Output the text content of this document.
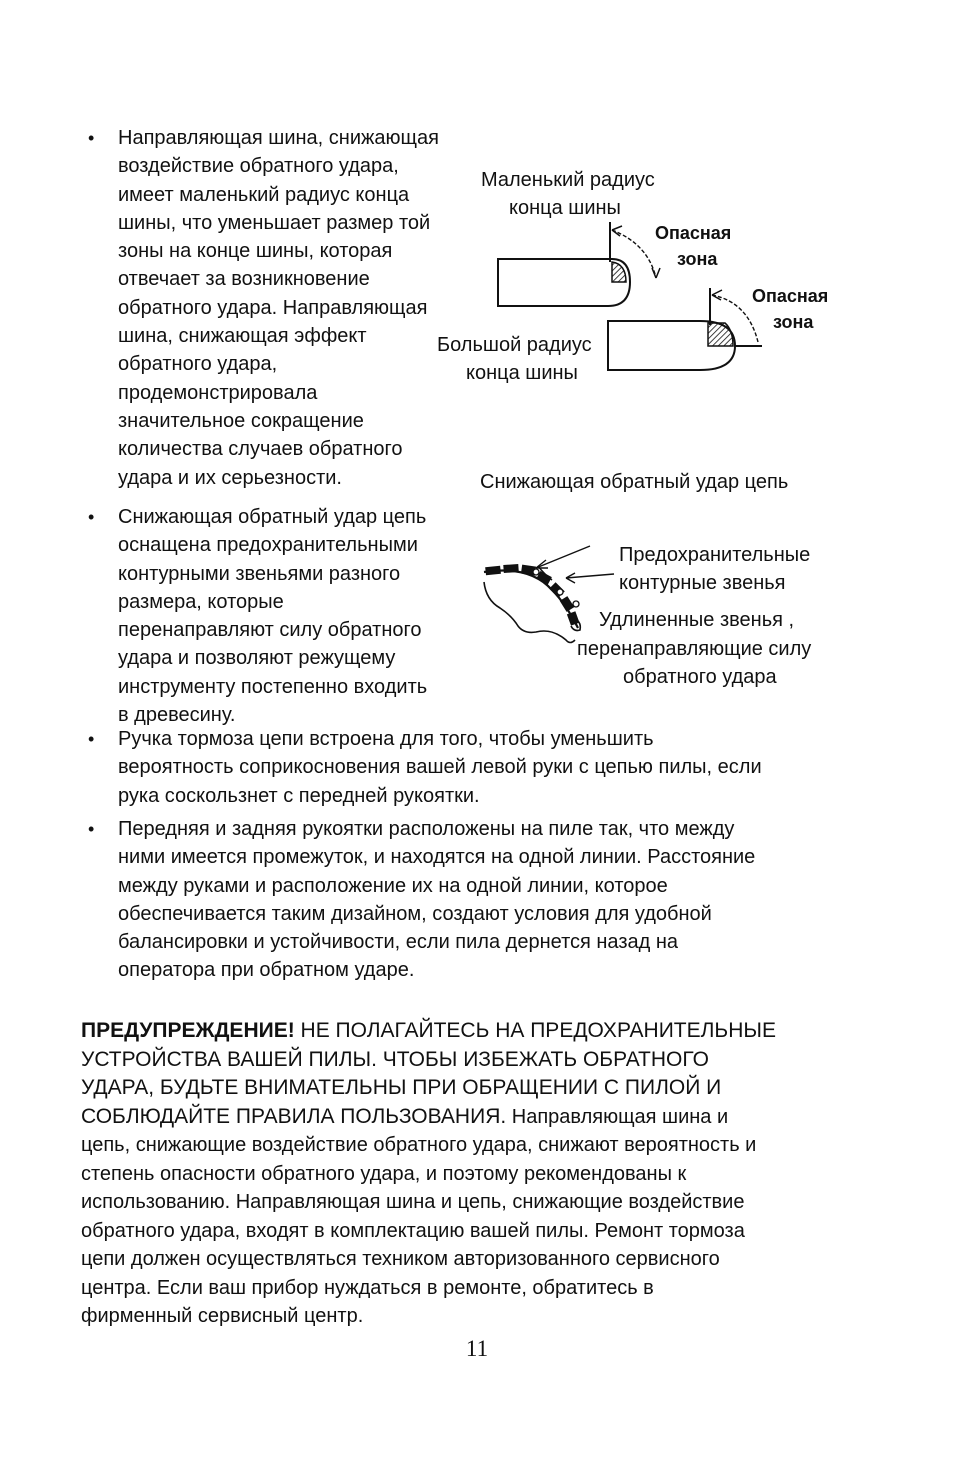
• Направляющая шина, снижающая
воздействие обратного удара,
имеет маленький радиус конца
шины, что уменьшает размер той
зоны на конце шины, которая
отвечает за возникновение
обратного удара. Направляющая
шина, снижающая эффект
обратного удара,
продемонстрировала
значительное сокращение
количества случаев обратного
удара и их серьезности.
• Снижающая обратный удар цепь
оснащена предохранительными
контурными звеньями разного
размера, которые
перенаправляют силу обратного
удара и позволяют режущему
инструменту постепенно входить
в древесину.
• Ручка тормоза цепи встроена для того, чтобы уменьшить
вероятность соприкосновения вашей левой руки с цепью пилы, если
рука соскользнет с передней рукоятки.
• Передняя и задняя рукоятки расположены на пиле так, что между
ними имеется промежуток, и находятся на одной линии. Расстояние
между руками и расположение их на одной линии, которое
обеспечивается таким дизайном, создают условия для удобной
балансировки и устойчивости, если пила дернется назад на
оператора при обратном ударе.
Маленький радиус
конца шины
Опасная
зона
Опасная
зона
Большой радиус
конца шины
Снижающая обратный удар цепь
Предохранительные
контурные звенья
Удлиненные звенья ,
перенаправляющие силу
обратного удара
ПРЕДУПРЕЖДЕНИЕ! НЕ ПОЛАГАЙТЕСЬ НА ПРЕДОХРАНИТЕЛЬНЫЕ
УСТРОЙСТВА ВАШЕЙ ПИЛЫ. ЧТОБЫ ИЗБЕЖАТЬ ОБРАТНОГО
УДАРА, БУДЬТЕ ВНИМАТЕЛЬНЫ ПРИ ОБРАЩЕНИИ С ПИЛОЙ И
СОБЛЮДАЙТЕ ПРАВИЛА ПОЛЬЗОВАНИЯ. Направляющая шина и
цепь, снижающие воздействие обратного удара, снижают вероятность и
степень опасности обратного удара, и поэтому рекомендованы к
использованию. Направляющая шина и цепь, снижающие воздействие
обратного удара, входят в комплектацию вашей пилы. Ремонт тормоза
цепи должен осуществляться техником авторизованного сервисного
центра. Если ваш прибор нуждаться в ремонте, обратитесь в
фирменный сервисный центр.
11
